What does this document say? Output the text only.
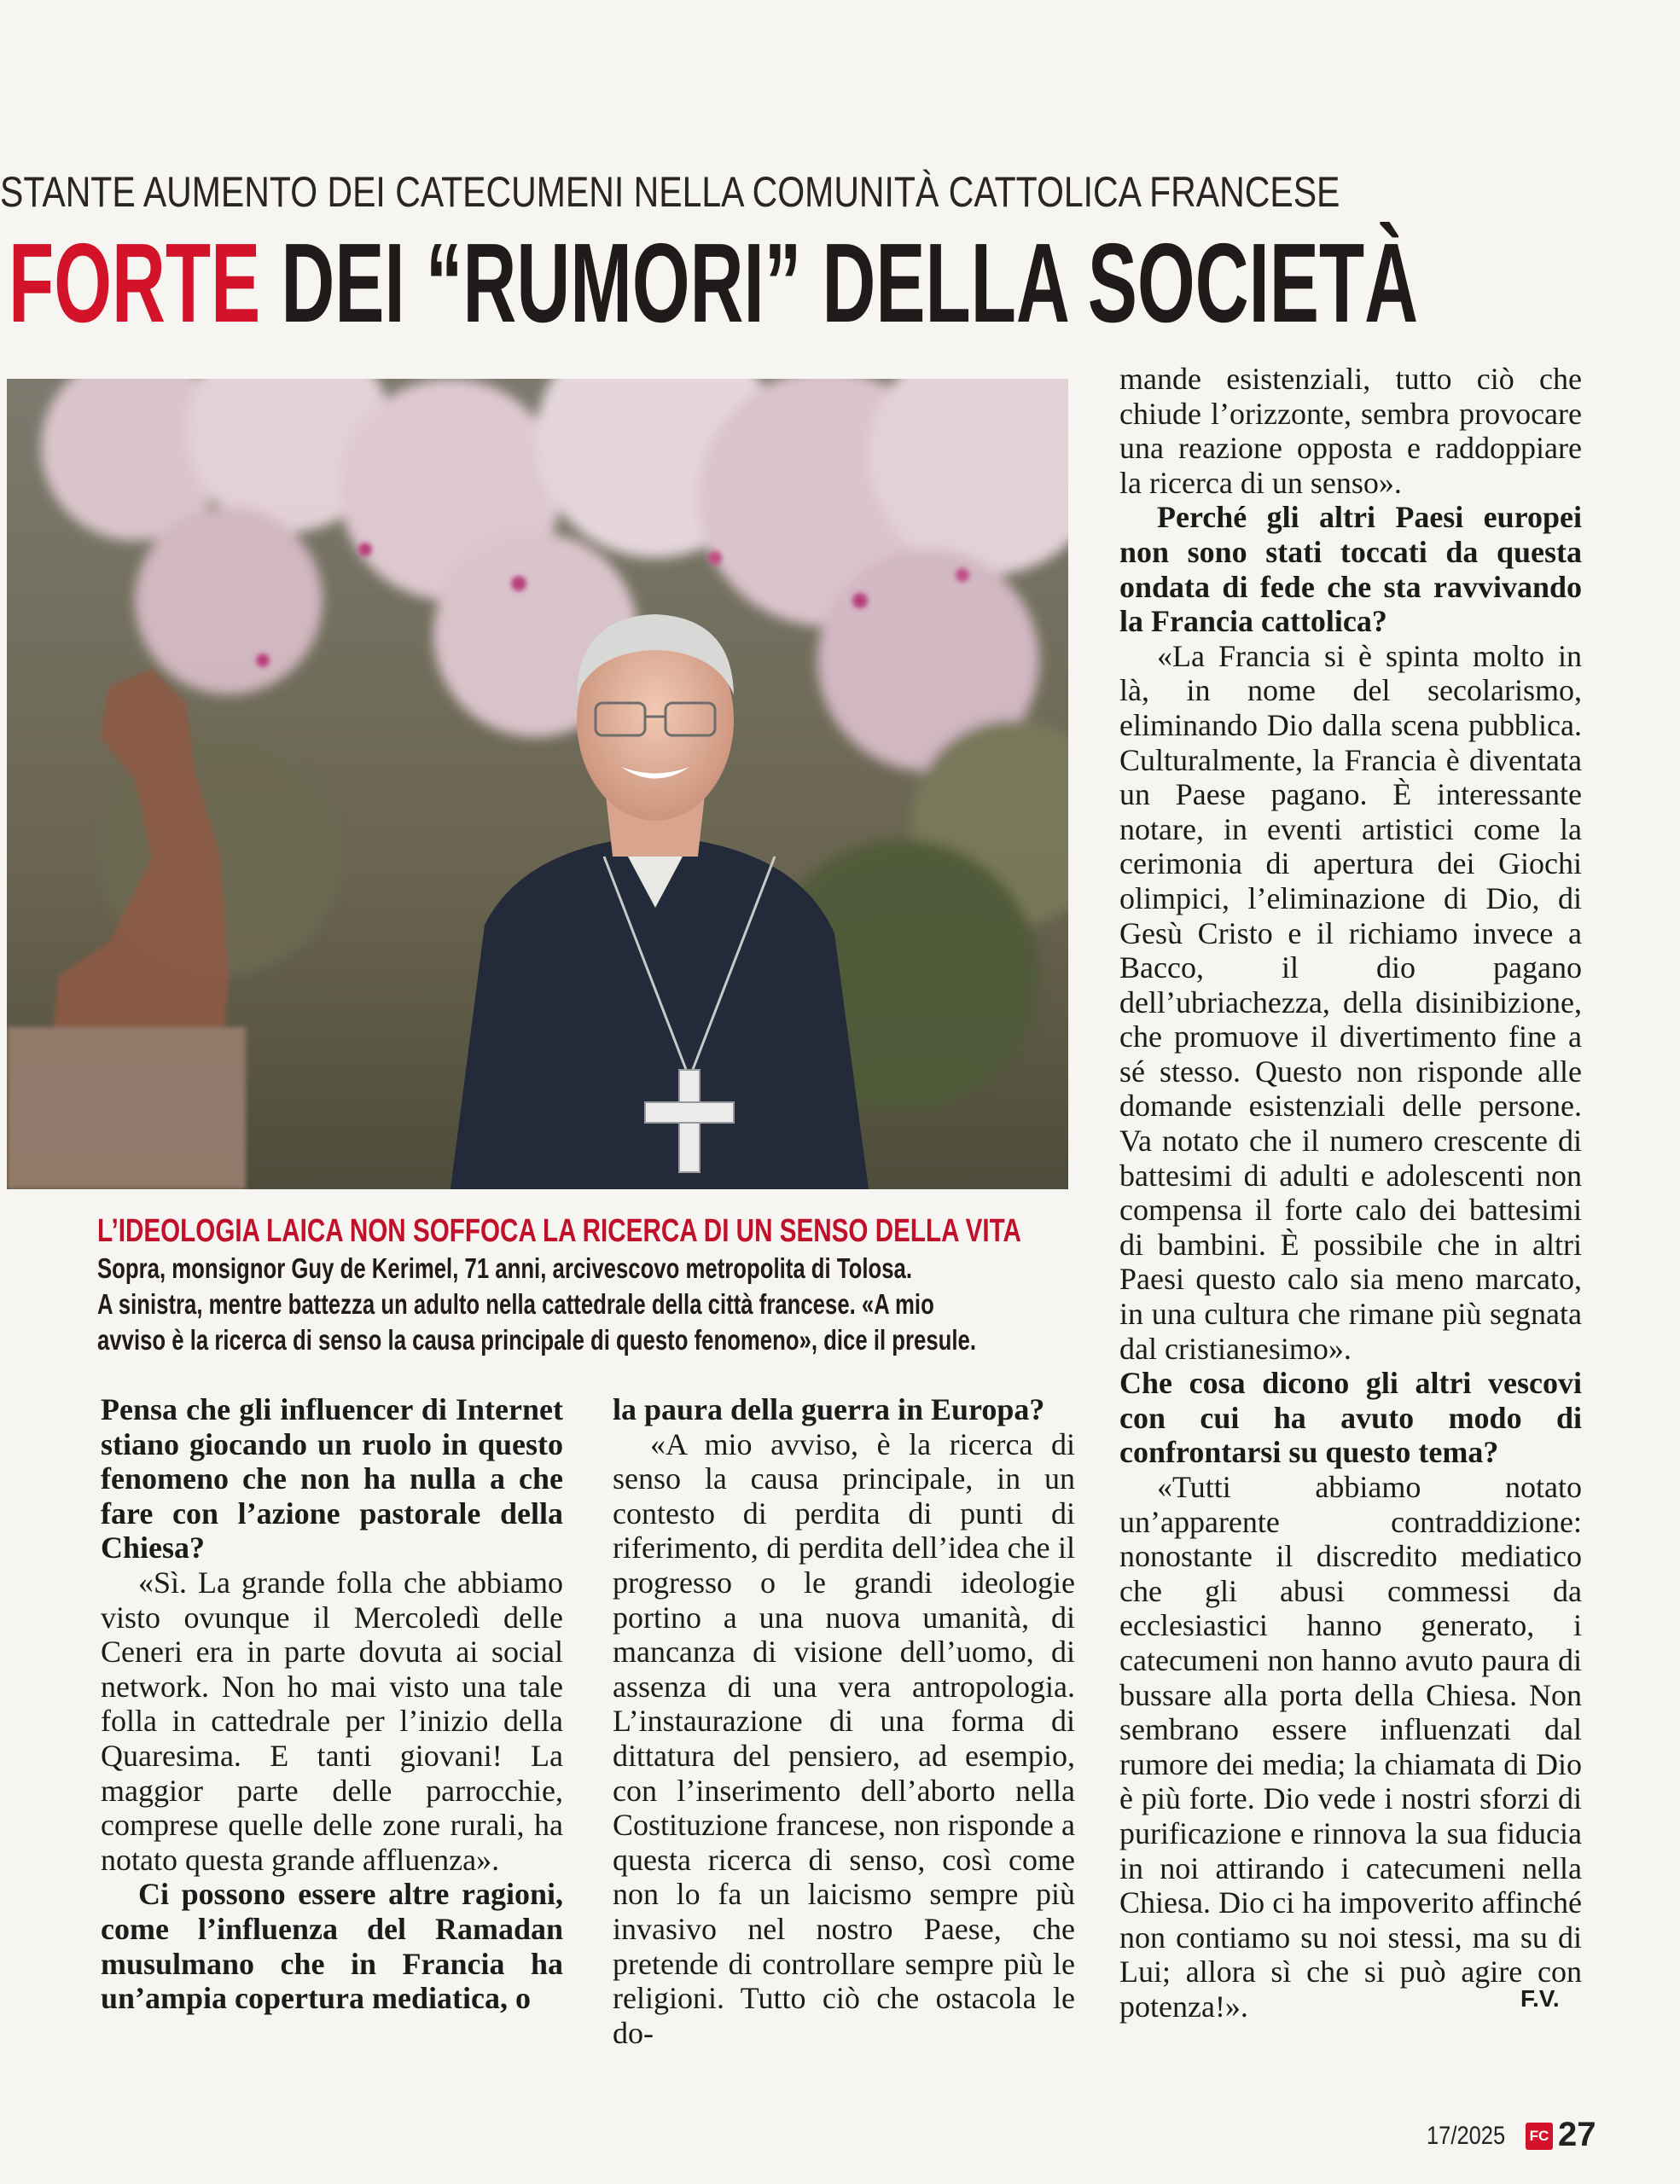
STANTE AUMENTO DEI CATECUMENI NELLA COMUNITÀ CATTOLICA FRANCESE
FORTE DEI “RUMORI” DELLA SOCIETÀ
L’IDEOLOGIA LAICA NON SOFFOCA LA RICERCA DI UN SENSO DELLA VITA
Sopra, monsignor Guy de Kerimel, 71 anni, arcivescovo metropolita di Tolosa.
A sinistra, mentre battezza un adulto nella cattedrale della città francese. «A mio
avviso è la ricerca di senso la causa principale di questo fenomeno», dice il presule.

Pensa che gli influencer di Internet stiano giocando un ruolo in questo fenomeno che non ha nulla a che fare con l’azione pastorale della Chiesa?

«Sì. La grande folla che abbiamo visto ovunque il Mercoledì delle Ceneri era in parte dovuta ai social network. Non ho mai visto una tale folla in cattedrale per l’inizio della Quaresima. E tanti giovani! La maggior parte delle parrocchie, comprese quelle delle zone rurali, ha notato questa grande affluenza».

Ci possono essere altre ragioni, come l’influenza del Ramadan musulmano che in Francia ha un’ampia copertura mediatica, o

la paura della guerra in Europa?

«A mio avviso, è la ricerca di senso la causa principale, in un contesto di perdita di punti di riferimento, di perdita dell’idea che il progresso o le grandi ideologie portino a una nuova umanità, di mancanza di visione dell’uomo, di assenza di una vera antropologia. L’instaurazione di una forma di dittatura del pensiero, ad esempio, con l’inserimento dell’aborto nella Costituzione francese, non risponde a questa ricerca di senso, così come non lo fa un laicismo sempre più invasivo nel nostro Paese, che pretende di controllare sempre più le religioni. Tutto ciò che ostacola le do-

mande esistenziali, tutto ciò che chiude l’orizzonte, sembra provocare una reazione opposta e raddoppiare la ricerca di un senso».

Perché gli altri Paesi europei non sono stati toccati da questa ondata di fede che sta ravvivando la Francia cattolica?

«La Francia si è spinta molto in là, in nome del secolarismo, eliminando Dio dalla scena pubblica. Culturalmente, la Francia è diventata un Paese pagano. È interessante notare, in eventi artistici come la cerimonia di apertura dei Giochi olimpici, l’eliminazione di Dio, di Gesù Cristo e il richiamo invece a Bacco, il dio pagano dell’ubriachezza, della disinibizione, che promuove il divertimento fine a sé stesso. Questo non risponde alle domande esistenziali delle persone. Va notato che il numero crescente di battesimi di adulti e adolescenti non compensa il forte calo dei battesimi di bambini. È possibile che in altri Paesi questo calo sia meno marcato, in una cultura che rimane più segnata dal cristianesimo».

Che cosa dicono gli altri vescovi con cui ha avuto modo di confrontarsi su questo tema?

«Tutti abbiamo notato un’apparente contraddizione: nonostante il discredito mediatico che gli abusi commessi da ecclesiastici hanno generato, i catecumeni non hanno avuto paura di bussare alla porta della Chiesa. Non sembrano essere influenzati dal rumore dei media; la chiamata di Dio è più forte. Dio vede i nostri sforzi di purificazione e rinnova la sua fiducia in noi attirando i catecumeni nella Chiesa. Dio ci ha impoverito affinché non contiamo su noi stessi, ma su di Lui; allora sì che si può agire con potenza!».	F.V.
17/2025 FC 27
